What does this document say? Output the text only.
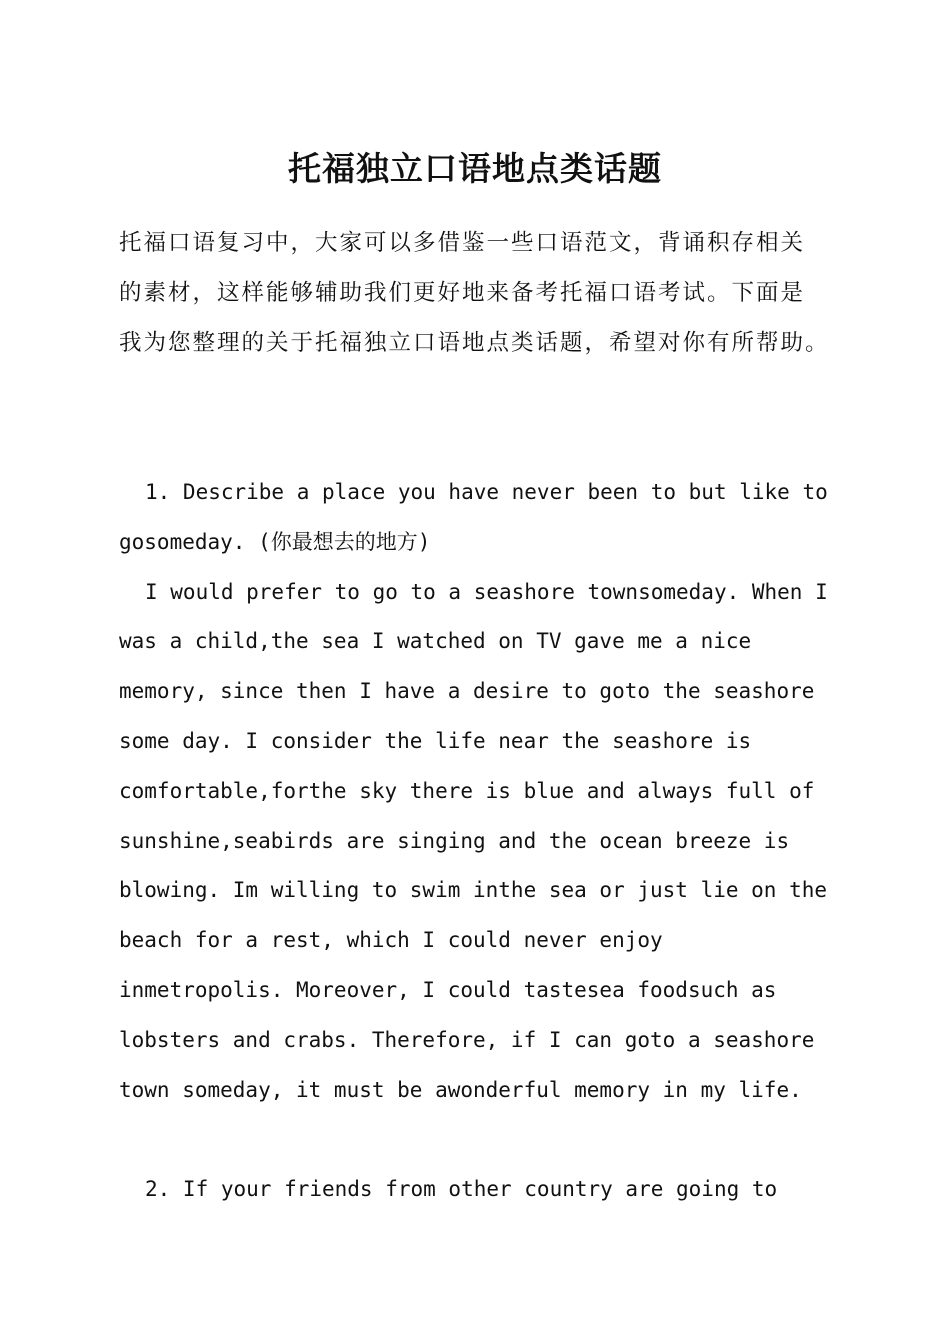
托福独立口语地点类话题
托福口语复习中，大家可以多借鉴一些口语范文，背诵积存相关
的素材，这样能够辅助我们更好地来备考托福口语考试。下面是
我为您整理的关于托福独立口语地点类话题，希望对你有所帮助。
1. Describe a place you have never been to but like to
gosomeday. (你最想去的地方)
I would prefer to go to a seashore townsomeday. When I
was a child,the sea I watched on TV gave me a nice
memory, since then I have a desire to goto the seashore
some day. I consider the life near the seashore is
comfortable,forthe sky there is blue and always full of
sunshine,seabirds are singing and the ocean breeze is
blowing. Im willing to swim inthe sea or just lie on the
beach for a rest, which I could never enjoy
inmetropolis. Moreover, I could tastesea foodsuch as
lobsters and crabs. Therefore, if I can goto a seashore
town someday, it must be awonderful memory in my life.
2. If your friends from other country are going to
